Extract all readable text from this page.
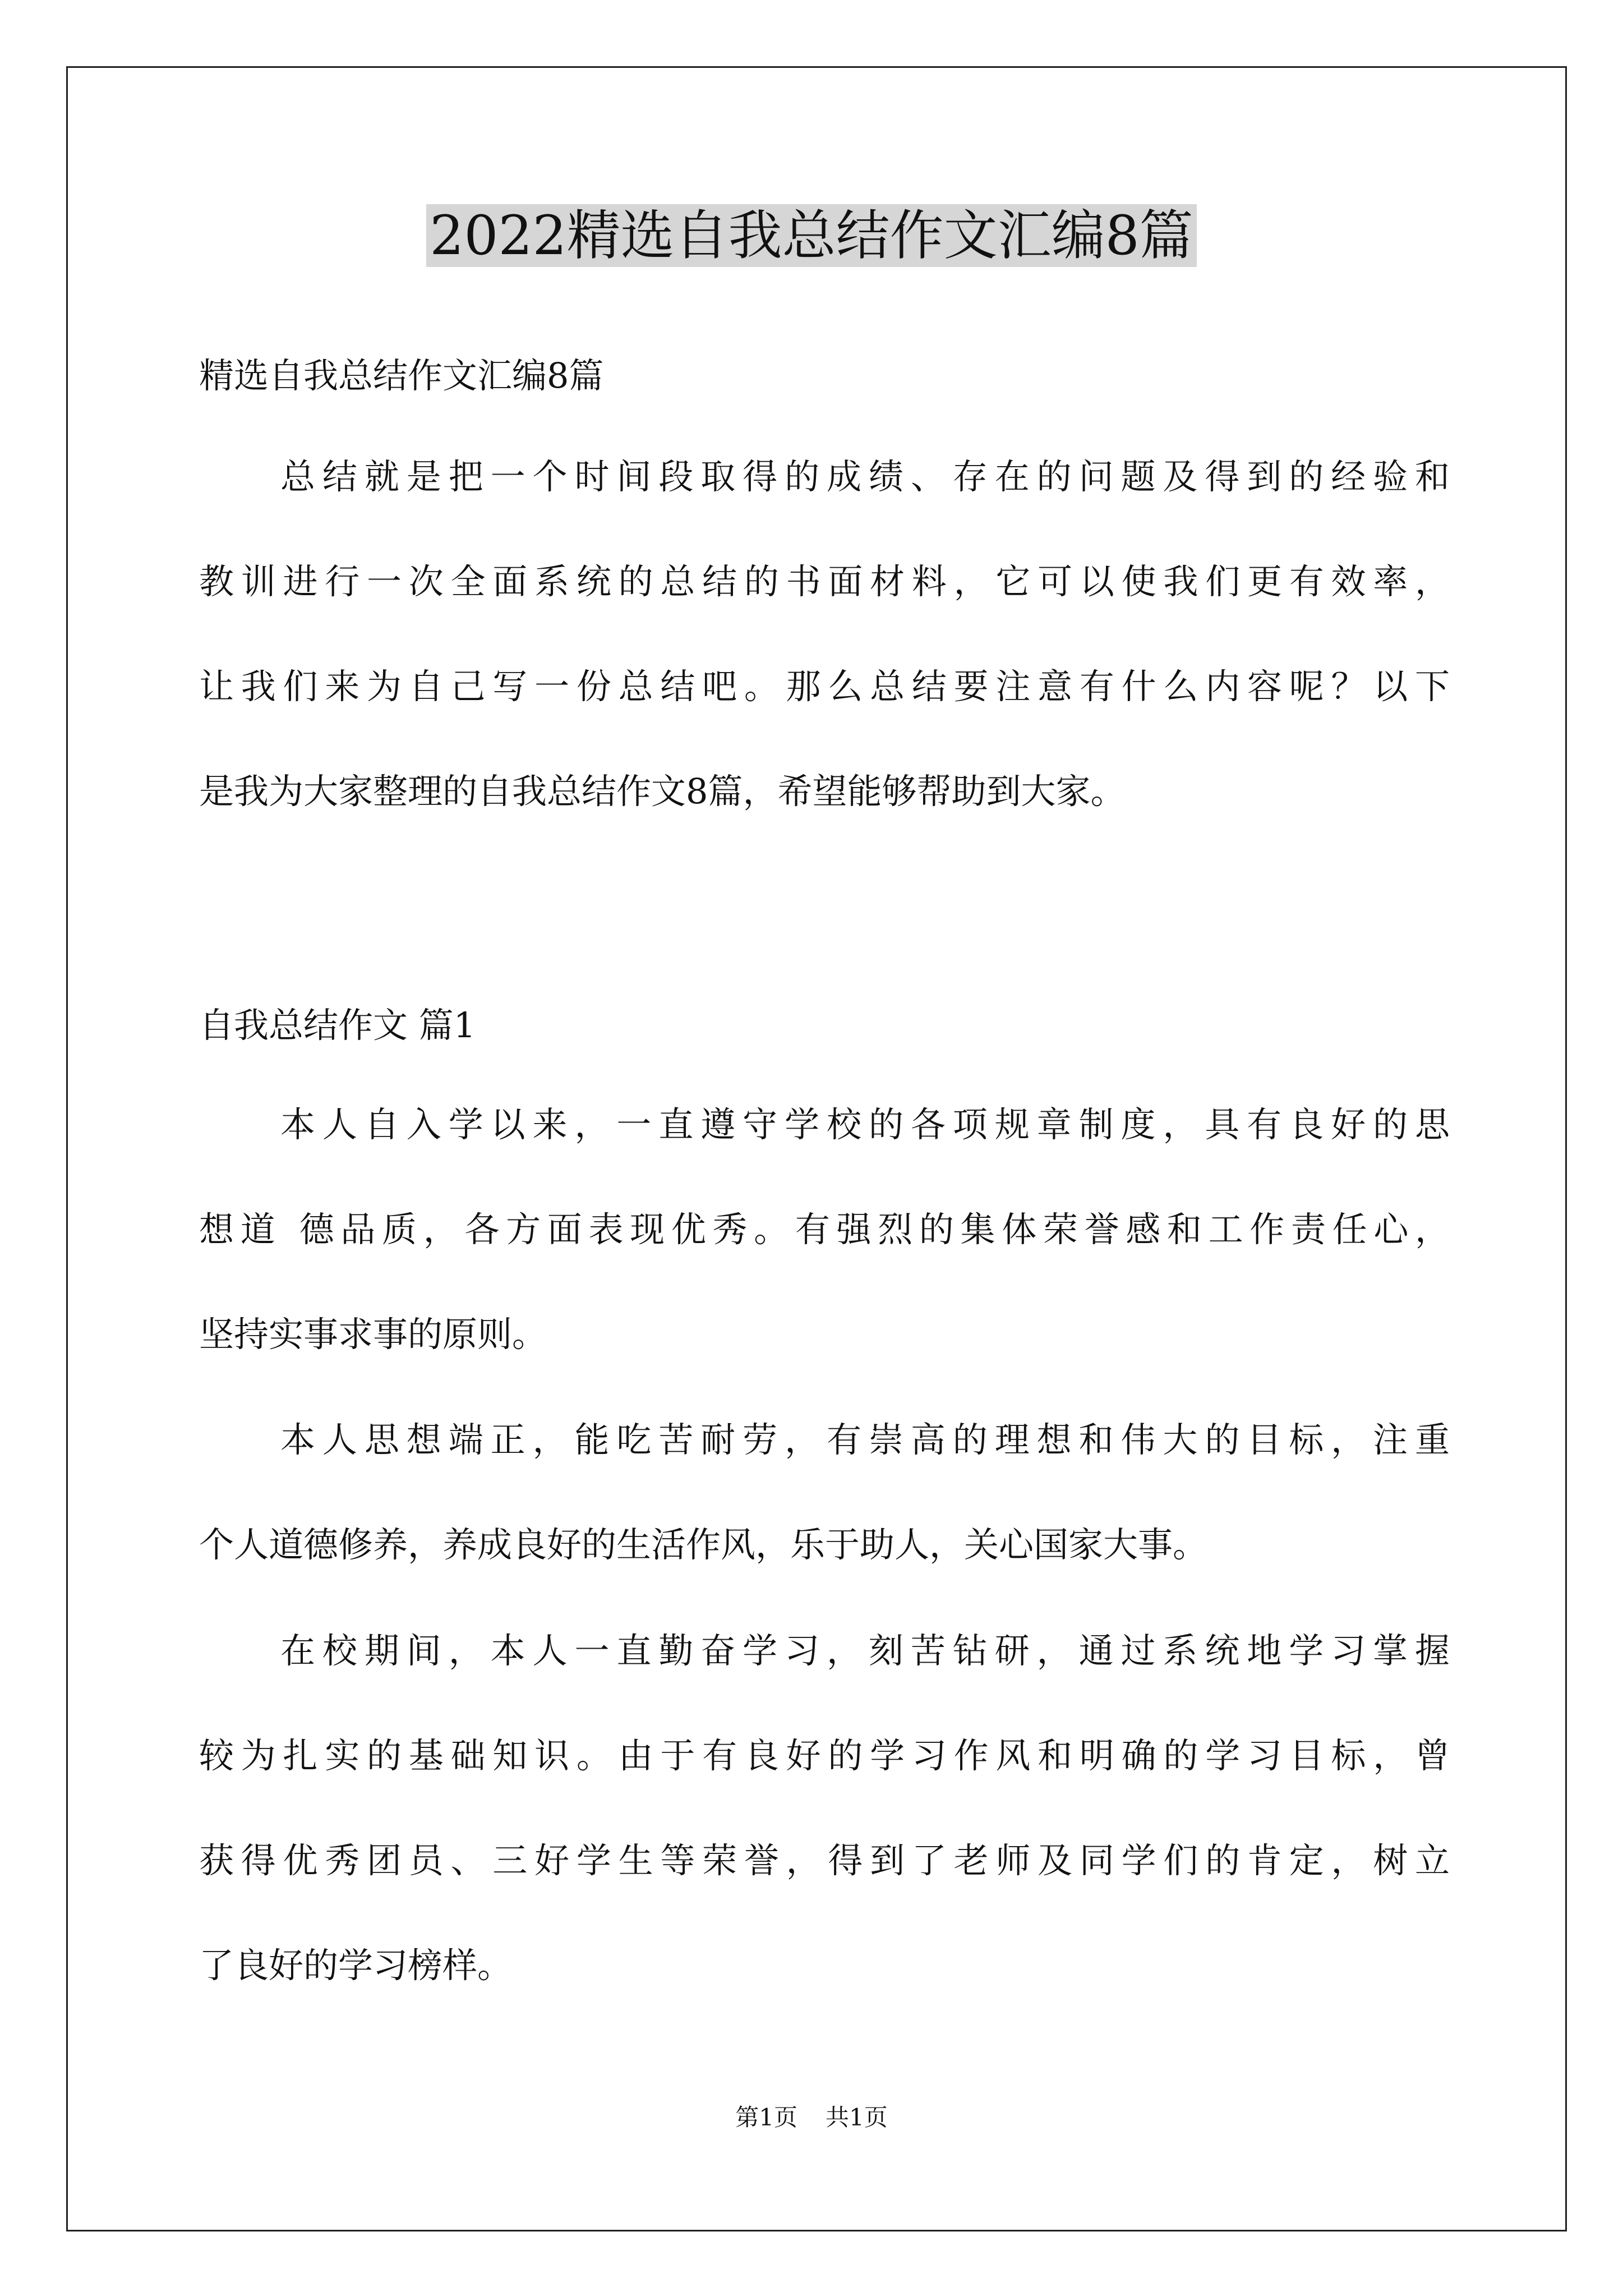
2022精选自我总结作文汇编8篇
精选自我总结作文汇编8篇
总结就是把一个时间段取得的成绩、存在的问题及得到的经验和
教训进行一次全面系统的总结的书面材料，它可以使我们更有效率，
让我们来为自己写一份总结吧。那么总结要注意有什么内容呢？以下
是我为大家整理的自我总结作文8篇，希望能够帮助到大家。
自我总结作文 篇1
本人自入学以来，一直遵守学校的各项规章制度，具有良好的思
想道 德品质，各方面表现优秀。有强烈的集体荣誉感和工作责任心，
坚持实事求事的原则。
本人思想端正，能吃苦耐劳，有崇高的理想和伟大的目标，注重
个人道德修养，养成良好的生活作风，乐于助人，关心国家大事。
在校期间，本人一直勤奋学习，刻苦钻研，通过系统地学习掌握
较为扎实的基础知识。由于有良好的学习作风和明确的学习目标，曾
获得优秀团员、三好学生等荣誉，得到了老师及同学们的肯定，树立
了良好的学习榜样。
第1页 共1页
